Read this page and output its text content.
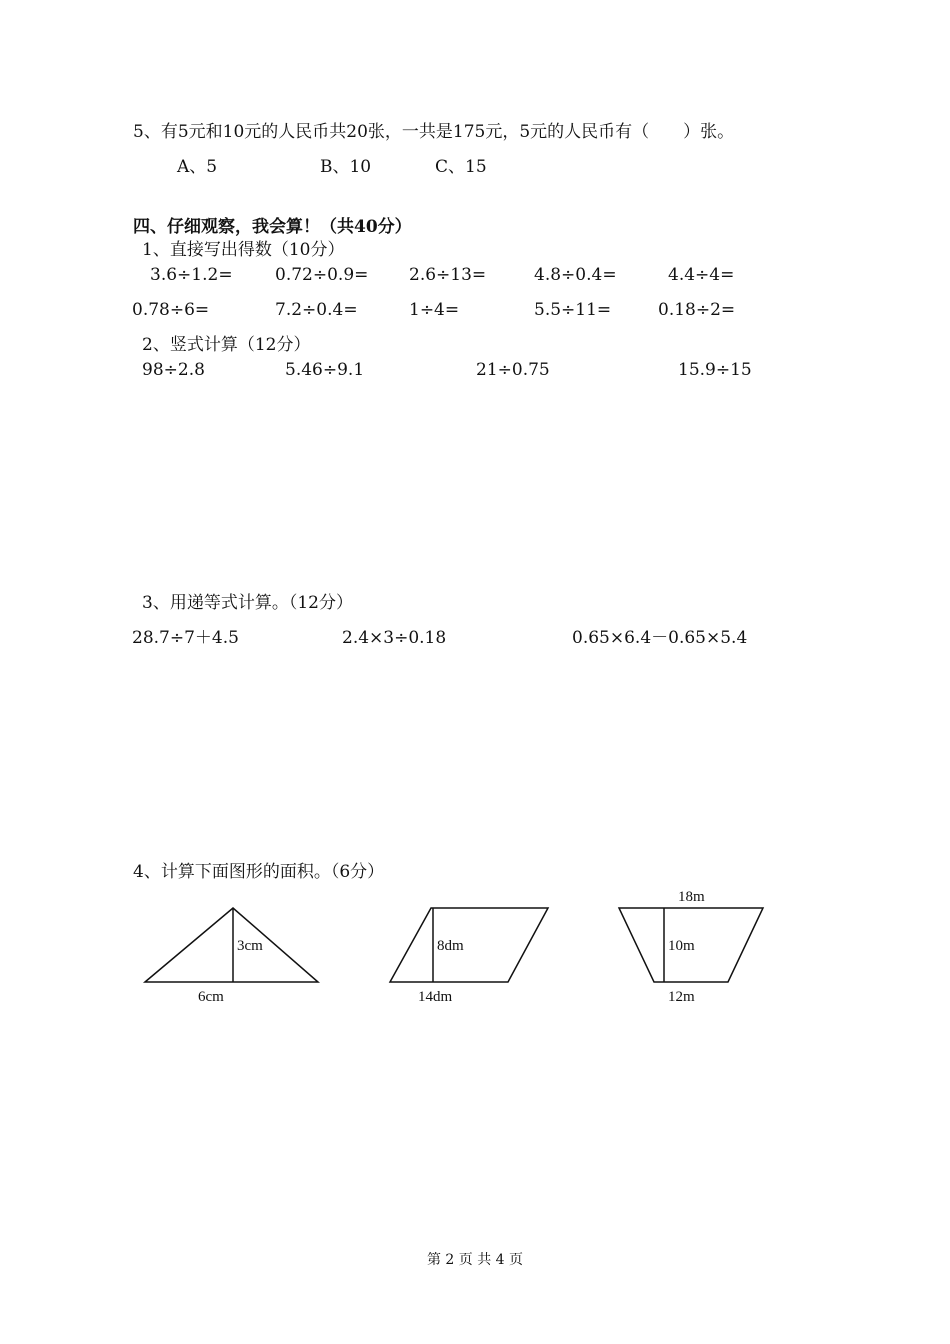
5、有5元和10元的人民币共20张，一共是175元，5元的人民币有（　　）张。
A、5	B、10	C、15
四、仔细观察，我会算！（共40分）
1、直接写出得数（10分）
3.6÷1.2= 0.72÷0.9= 2.6÷13=	4.8÷0.4=	4.4÷4=
0.78÷6=	7.2÷0.4=	1÷4=	5.5÷11=	0.18÷2=
2、竖式计算（12分）
98÷2.8	5.46÷9.1	21÷0.75	15.9÷15
3、用递等式计算。（12分）
28.7÷7＋4.5	2.4×3÷0.18	0.65×6.4－0.65×5.4
4、计算下面图形的面积。（6分）
3cm
6cm
8dm
14dm
18m
10m
12m
第 2 页 共 4 页
